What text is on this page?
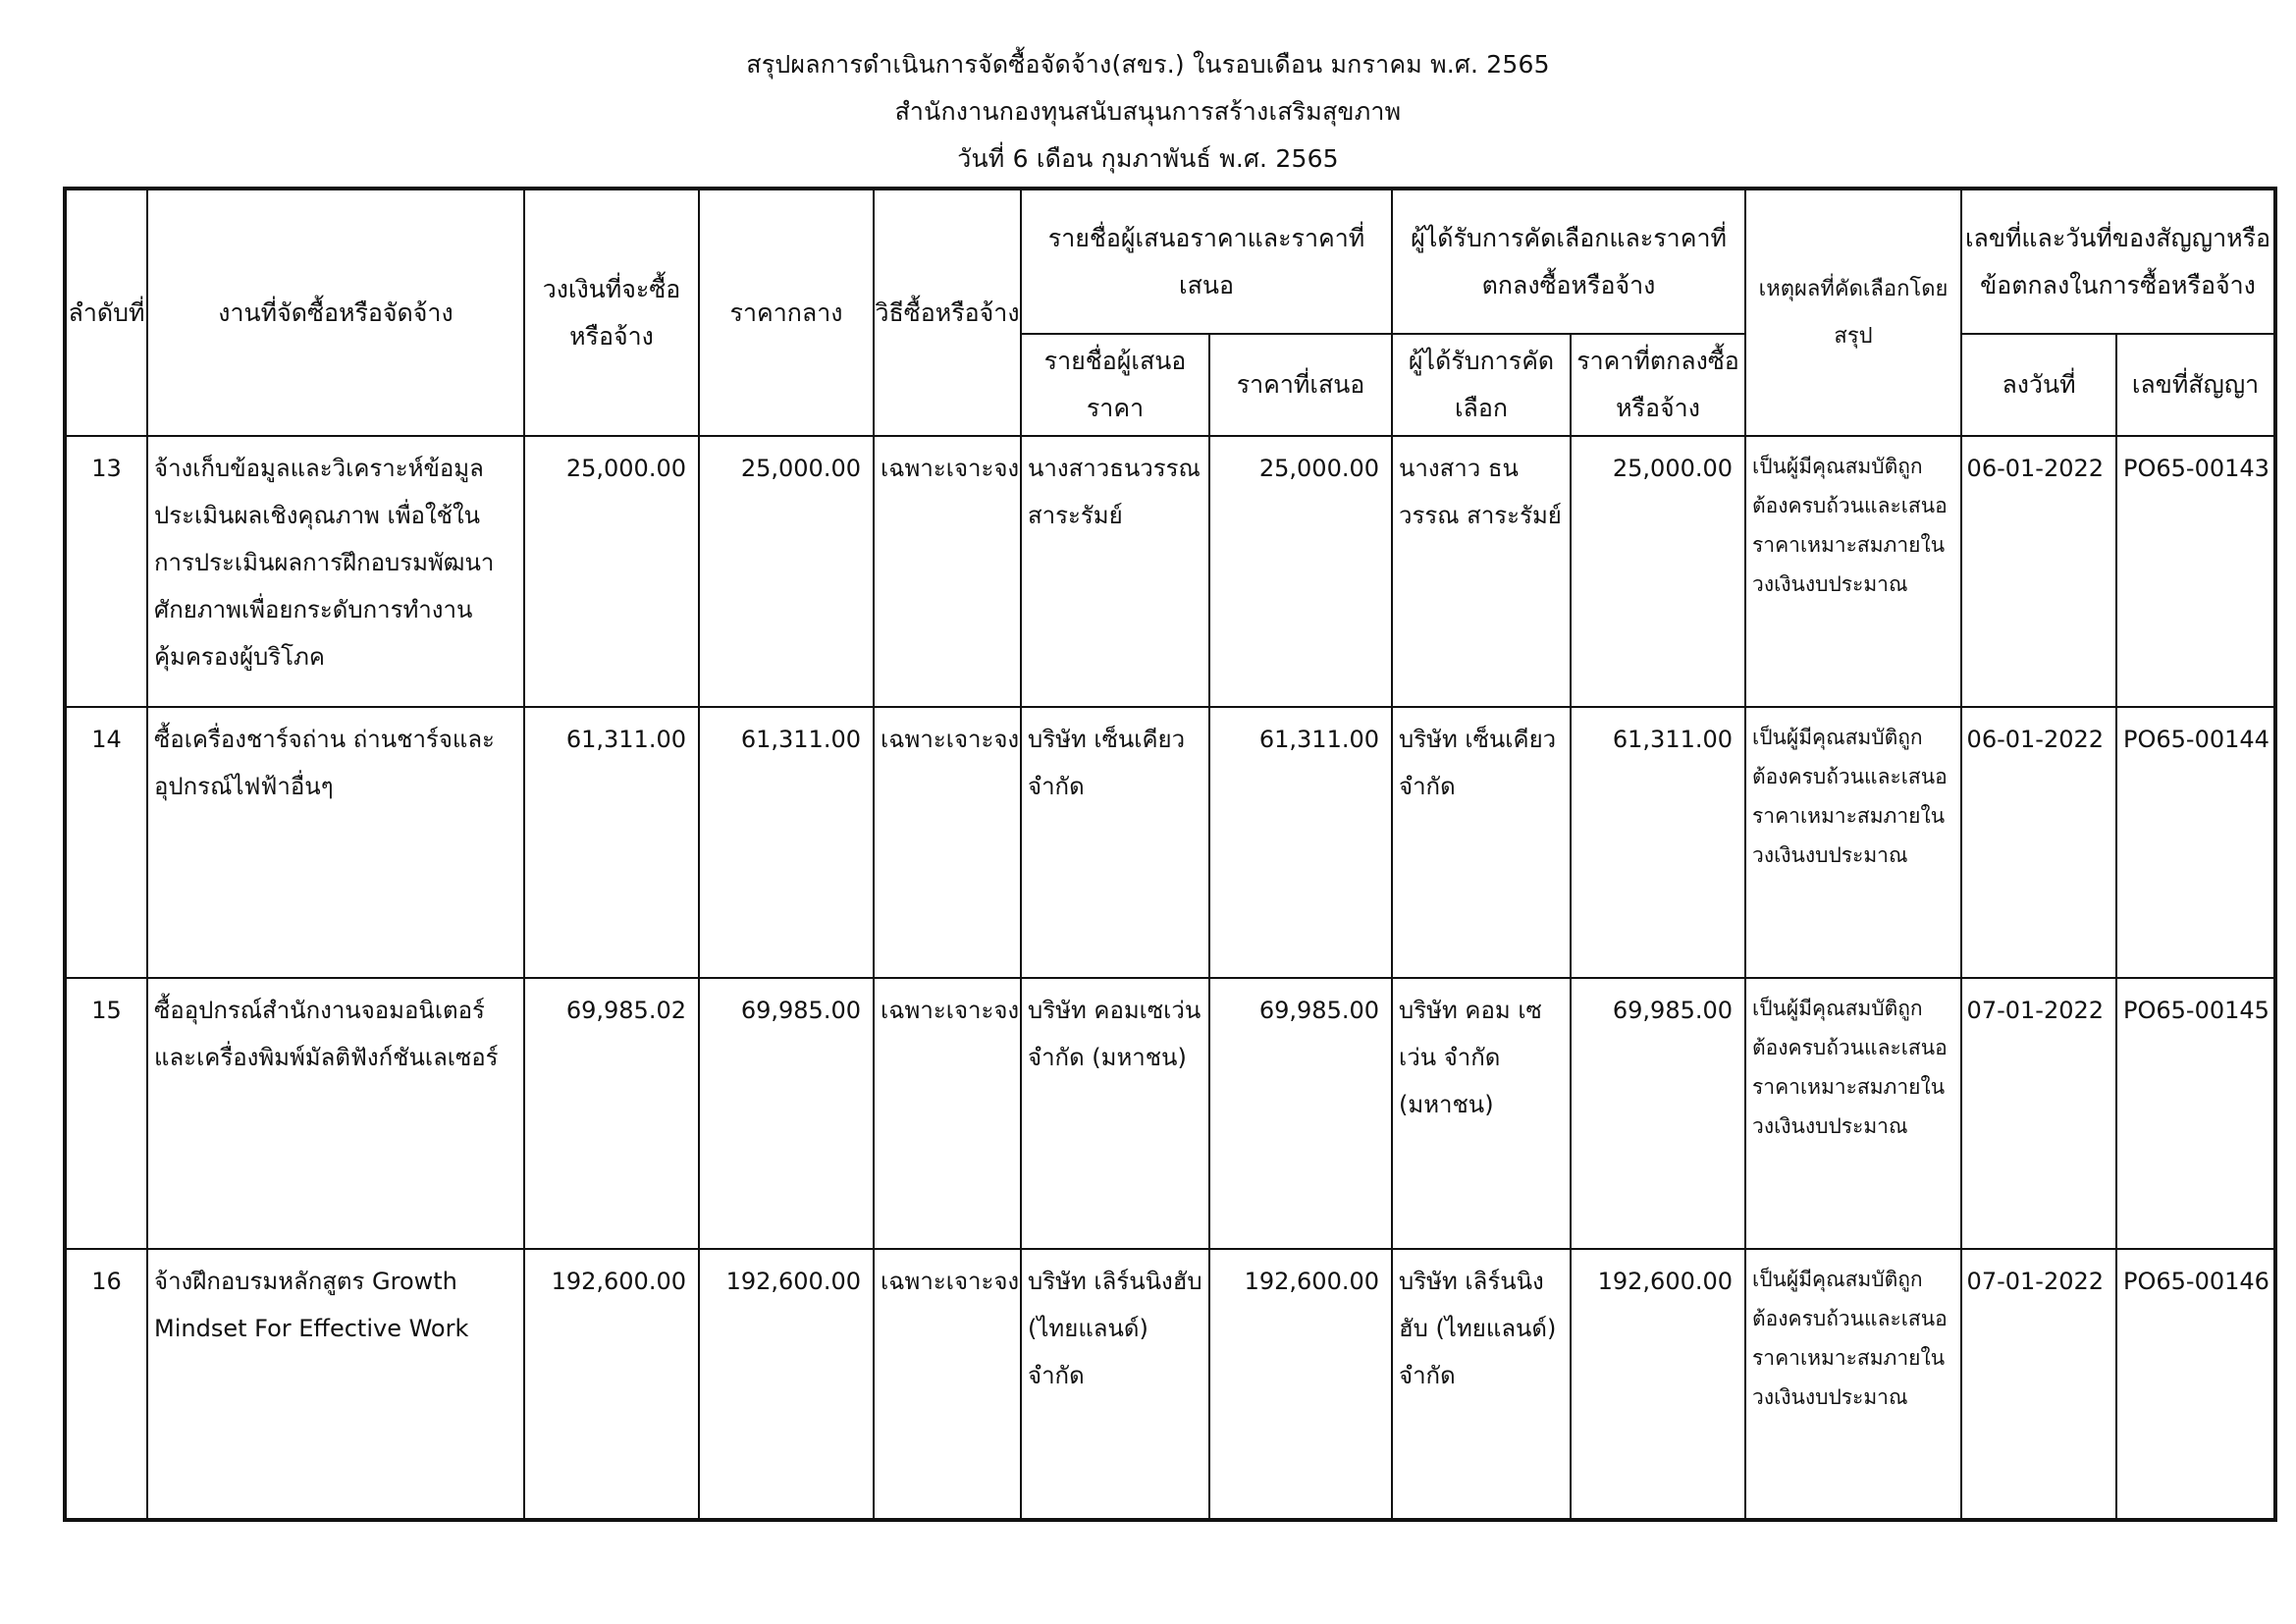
สรุปผลการดำเนินการจัดซื้อจัดจ้าง(สขร.) ในรอบเดือน มกราคม พ.ศ. 2565
สำนักงานกองทุนสนับสนุนการสร้างเสริมสุขภาพ
วันที่ 6 เดือน กุมภาพันธ์ พ.ศ. 2565
ลำดับที่	งานที่จัดซื้อหรือจัดจ้าง	วงเงินที่จะซื้อหรือจ้าง	ราคากลาง	วิธีซื้อหรือจ้าง	รายชื่อผู้เสนอราคาและราคาที่เสนอ		ผู้ได้รับการคัดเลือกและราคาที่ตกลงซื้อหรือจ้าง		เหตุผลที่คัดเลือกโดยสรุป	เลขที่และวันที่ของสัญญาหรือข้อตกลงในการซื้อหรือจ้าง	
					รายชื่อผู้เสนอราคา	ราคาที่เสนอ	ผู้ได้รับการคัดเลือก	ราคาที่ตกลงซื้อหรือจ้าง		ลงวันที่	เลขที่สัญญา

13	จ้างเก็บข้อมูลและวิเคราะห์ข้อมูลประเมินผลเชิงคุณภาพ เพื่อใช้ในการประเมินผลการฝึกอบรมพัฒนาศักยภาพเพื่อยกระดับการทำงานคุ้มครองผู้บริโภค	25,000.00	25,000.00	เฉพาะเจาะจง	นางสาวธนวรรณ สาระรัมย์	25,000.00	นางสาว ธนวรรณ สาระรัมย์	25,000.00	เป็นผู้มีคุณสมบัติถูกต้องครบถ้วนและเสนอราคาเหมาะสมภายในวงเงินงบประมาณ	06-01-2022	PO65-00143

14	ซื้อเครื่องชาร์จถ่าน ถ่านชาร์จและอุปกรณ์ไฟฟ้าอื่นๆ	61,311.00	61,311.00	เฉพาะเจาะจง	บริษัท เซ็นเคียว จำกัด	61,311.00	บริษัท เซ็นเคียว จำกัด	61,311.00	เป็นผู้มีคุณสมบัติถูกต้องครบถ้วนและเสนอราคาเหมาะสมภายในวงเงินงบประมาณ	06-01-2022	PO65-00144

15	ซื้ออุปกรณ์สำนักงานจอมอนิเตอร์และเครื่องพิมพ์มัลติฟังก์ชันเลเซอร์	69,985.02	69,985.00	เฉพาะเจาะจง	บริษัท คอมเซเว่น จำกัด (มหาชน)	69,985.00	บริษัท คอม เซเว่น จำกัด (มหาชน)	69,985.00	เป็นผู้มีคุณสมบัติถูกต้องครบถ้วนและเสนอราคาเหมาะสมภายในวงเงินงบประมาณ	07-01-2022	PO65-00145

16	จ้างฝึกอบรมหลักสูตร Growth Mindset For Effective Work	192,600.00	192,600.00	เฉพาะเจาะจง	บริษัท เลิร์นนิงฮับ (ไทยแลนด์) จำกัด	192,600.00	บริษัท เลิร์นนิงฮับ (ไทยแลนด์) จำกัด	192,600.00	เป็นผู้มีคุณสมบัติถูกต้องครบถ้วนและเสนอราคาเหมาะสมภายในวงเงินงบประมาณ	07-01-2022	PO65-00146
